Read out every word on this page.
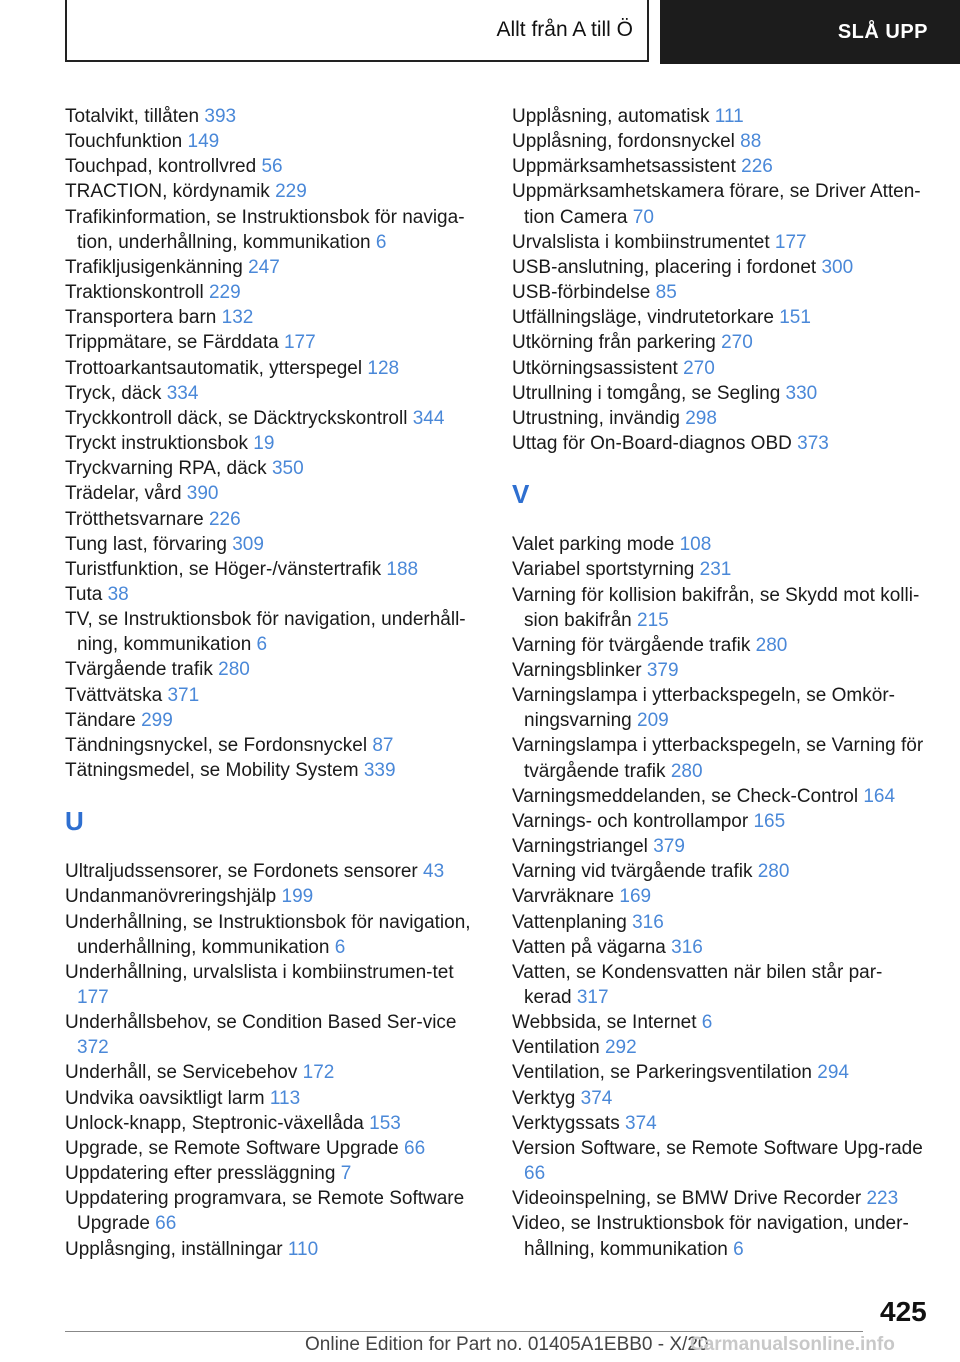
Allt från A till Ö	SLÅ UPP
Totalvikt, tillåten 393
Touchfunktion 149
Touchpad, kontrollvred 56
TRACTION, kördynamik 229
Trafikinformation, se Instruktionsbok för naviga-tion, underhållning, kommunikation 6
Trafikljusigenkänning 247
Traktionskontroll 229
Transportera barn 132
Trippmätare, se Färddata 177
Trottoarkantsautomatik, ytterspegel 128
Tryck, däck 334
Tryckkontroll däck, se Däcktryckskontroll 344
Tryckt instruktionsbok 19
Tryckvarning RPA, däck 350
Trädelar, vård 390
Trötthetsvarnare 226
Tung last, förvaring 309
Turistfunktion, se Höger-/vänstertrafik 188
Tuta 38
TV, se Instruktionsbok för navigation, underhåll-ning, kommunikation 6
Tvärgående trafik 280
Tvättvätska 371
Tändare 299
Tändningsnyckel, se Fordonsnyckel 87
Tätningsmedel, se Mobility System 339
U
Ultraljudssensorer, se Fordonets sensorer 43
Undanmanövreringshjälp 199
Underhållning, se Instruktionsbok för navigation, underhållning, kommunikation 6
Underhållning, urvalslista i kombiinstrumen-tet 177
Underhållsbehov, se Condition Based Ser-vice 372
Underhåll, se Servicebehov 172
Undvika oavsiktligt larm 113
Unlock-knapp, Steptronic-växellåda 153
Upgrade, se Remote Software Upgrade 66
Uppdatering efter pressläggning 7
Uppdatering programvara, se Remote Software Upgrade 66
Upplåsnging, inställningar 110
Upplåsning, automatisk 111
Upplåsning, fordonsnyckel 88
Uppmärksamhetsassistent 226
Uppmärksamhetskamera förare, se Driver Atten-tion Camera 70
Urvalslista i kombiinstrumentet 177
USB-anslutning, placering i fordonet 300
USB-förbindelse 85
Utfällningsläge, vindrutetorkare 151
Utkörning från parkering 270
Utkörningsassistent 270
Utrullning i tomgång, se Segling 330
Utrustning, invändig 298
Uttag för On-Board-diagnos OBD 373
V
Valet parking mode 108
Variabel sportstyrning 231
Varning för kollision bakifrån, se Skydd mot kolli-sion bakifrån 215
Varning för tvärgående trafik 280
Varningsblinker 379
Varningslampa i ytterbackspegeln, se Omkör-ningsvarning 209
Varningslampa i ytterbackspegeln, se Varning för tvärgående trafik 280
Varningsmeddelanden, se Check-Control 164
Varnings- och kontrollampor 165
Varningstriangel 379
Varning vid tvärgående trafik 280
Varvräknare 169
Vattenplaning 316
Vatten på vägarna 316
Vatten, se Kondensvatten när bilen står par-kerad 317
Webbsida, se Internet 6
Ventilation 292
Ventilation, se Parkeringsventilation 294
Verktyg 374
Verktygssats 374
Version Software, se Remote Software Upg-rade 66
Videoinspelning, se BMW Drive Recorder 223
Video, se Instruktionsbok för navigation, under-hållning, kommunikation 6
425
Online Edition for Part no. 01405A1EBB0 - X/20
Carmanualsonline.info
